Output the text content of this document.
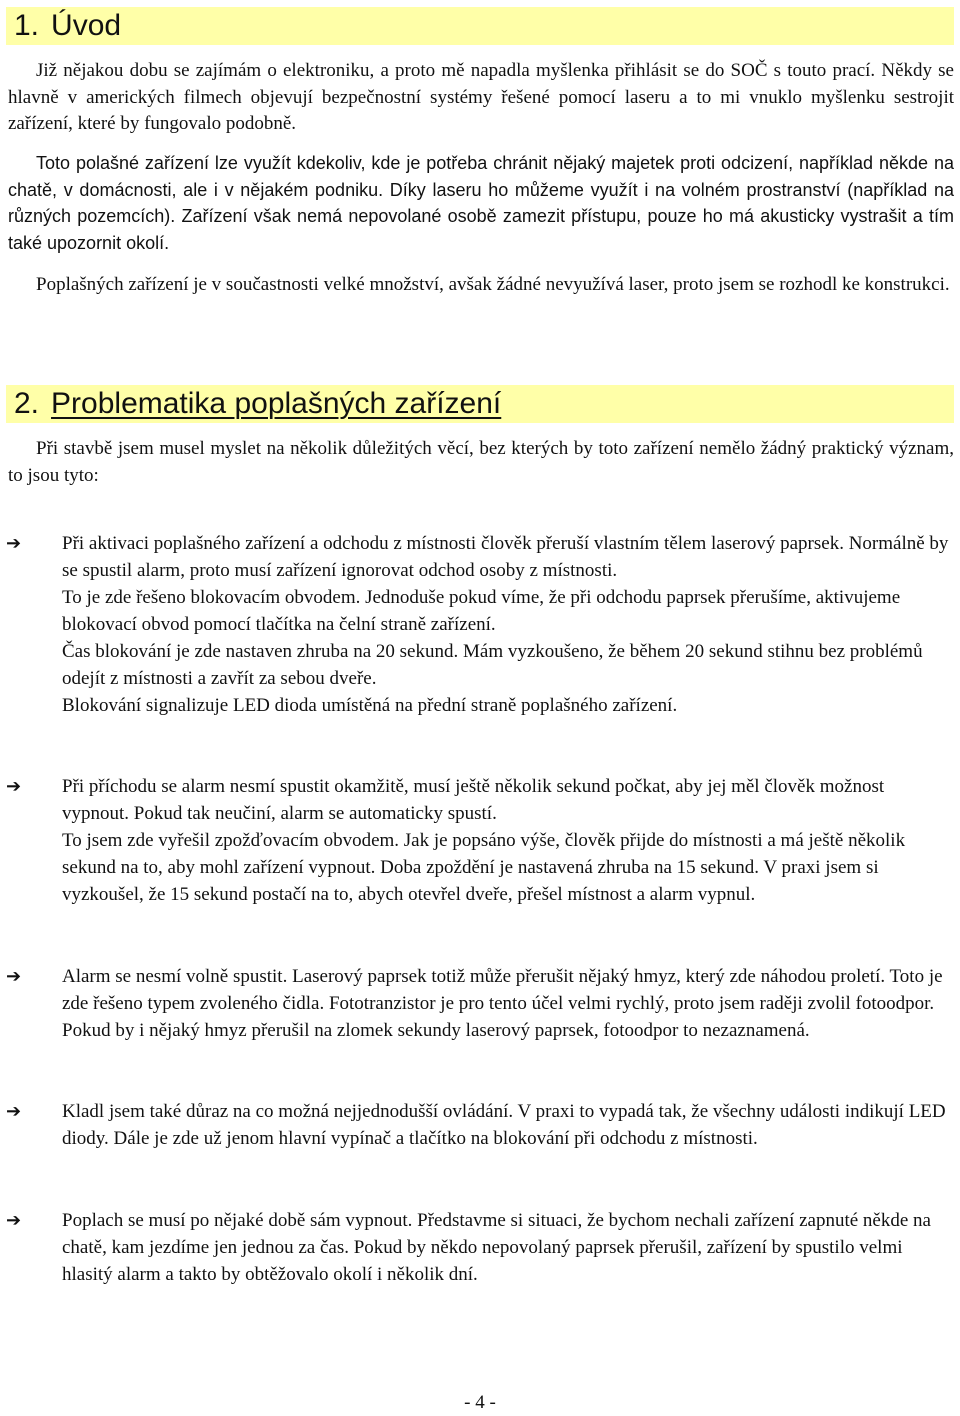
1. Úvod

Již nějakou dobu se zajímám o elektroniku, a proto mě napadla myšlenka přihlásit se do SOČ s touto prací. Někdy se hlavně v amerických filmech objevují bezpečnostní systémy řešené pomocí laseru a to mi vnuklo myšlenku sestrojit zařízení, které by fungovalo podobně.

Toto polašné zařízení lze využít kdekoliv, kde je potřeba chránit nějaký majetek proti odcizení, například někde na chatě, v domácnosti, ale i v nějakém podniku. Díky laseru ho můžeme využít i na volném prostranství (například na různých pozemcích). Zařízení však nemá nepovolané osobě zamezit přístupu, pouze ho má akusticky vystrašit a tím také upozornit okolí.

Poplašných zařízení je v součastnosti velké množství, avšak žádné nevyužívá laser, proto jsem se rozhodl ke konstrukci.

2. Problematika poplašných zařízení

Při stavbě jsem musel myslet na několik důležitých věcí, bez kterých by toto zařízení nemělo žádný praktický význam, to jsou tyto:

➔	Při aktivaci poplašného zařízení a odchodu z místnosti člověk přeruší vlastním tělem laserový paprsek. Normálně by se spustil alarm, proto musí zařízení ignorovat odchod osoby z místnosti.
To je zde řešeno blokovacím obvodem. Jednoduše pokud víme, že při odchodu paprsek přerušíme, aktivujeme blokovací obvod pomocí tlačítka na čelní straně zařízení.
Čas blokování je zde nastaven zhruba na 20 sekund. Mám vyzkoušeno, že během 20 sekund stihnu bez problémů odejít z místnosti a zavřít za sebou dveře.
Blokování signalizuje LED dioda umístěná na přední straně poplašného zařízení.
➔	Při příchodu se alarm nesmí spustit okamžitě, musí ještě několik sekund počkat, aby jej měl člověk možnost vypnout. Pokud tak neučiní, alarm se automaticky spustí.
To jsem zde vyřešil zpožďovacím obvodem. Jak je popsáno výše, člověk přijde do místnosti a má ještě několik sekund na to, aby mohl zařízení vypnout. Doba zpoždění je nastavená zhruba na 15 sekund. V praxi jsem si vyzkoušel, že 15 sekund postačí na to, abych otevřel dveře, přešel místnost a alarm vypnul.
➔	Alarm se nesmí volně spustit. Laserový paprsek totiž může přerušit nějaký hmyz, který zde náhodou proletí. Toto je zde řešeno typem zvoleného čidla. Fototranzistor je pro tento účel velmi rychlý, proto jsem raději zvolil fotoodpor. Pokud by i nějaký hmyz přerušil na zlomek sekundy laserový paprsek, fotoodpor to nezaznamená.
➔	Kladl jsem také důraz na co možná nejjednodušší ovládání. V praxi to vypadá tak, že všechny události indikují LED diody. Dále je zde už jenom hlavní vypínač a tlačítko na blokování při odchodu z místnosti.
➔	Poplach se musí po nějaké době sám vypnout. Představme si situaci, že bychom nechali zařízení zapnuté někde na chatě, kam jezdíme jen jednou za čas. Pokud by někdo nepovolaný paprsek přerušil, zařízení by spustilo velmi hlasitý alarm a takto by obtěžovalo okolí i několik dní.
- 4 -
